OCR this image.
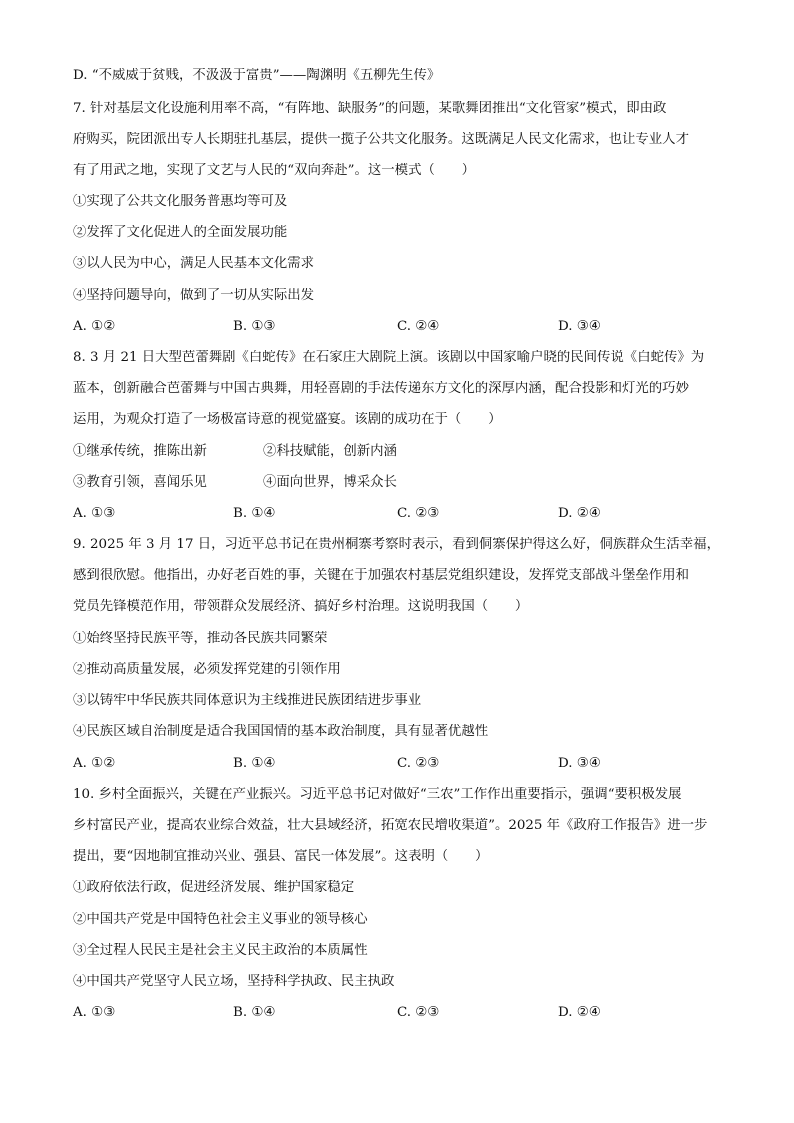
D. “不威威于贫贱，不汲汲于富贵”——陶渊明《五柳先生传》
7. 针对基层文化设施利用率不高，“有阵地、缺服务”的问题，某歌舞团推出“文化管家”模式，即由政
府购买，院团派出专人长期驻扎基层，提供一揽子公共文化服务。这既满足人民文化需求，也让专业人才
有了用武之地，实现了文艺与人民的“双向奔赴”。这一模式（　　）
①实现了公共文化服务普惠均等可及
②发挥了文化促进人的全面发展功能
③以人民为中心，满足人民基本文化需求
④坚持问题导向，做到了一切从实际出发
A. ①②	B. ①③	C. ②④	D. ③④
8. 3 月 21 日大型芭蕾舞剧《白蛇传》在石家庄大剧院上演。该剧以中国家喻户晓的民间传说《白蛇传》为
蓝本，创新融合芭蕾舞与中国古典舞，用轻喜剧的手法传递东方文化的深厚内涵，配合投影和灯光的巧妙
运用，为观众打造了一场极富诗意的视觉盛宴。该剧的成功在于（　　）
①继承传统，推陈出新	②科技赋能，创新内涵
③教育引领，喜闻乐见	④面向世界，博采众长
A. ①③	B. ①④	C. ②③	D. ②④
9. 2025 年 3 月 17 日，习近平总书记在贵州桐寨考察时表示，看到侗寨保护得这么好，侗族群众生活幸福，
感到很欣慰。他指出，办好老百姓的事，关键在于加强农村基层党组织建设，发挥党支部战斗堡垒作用和
党员先锋模范作用，带领群众发展经济、搞好乡村治理。这说明我国（　　）
①始终坚持民族平等，推动各民族共同繁荣
②推动高质量发展，必须发挥党建的引领作用
③以铸牢中华民族共同体意识为主线推进民族团结进步事业
④民族区域自治制度是适合我国国情的基本政治制度，具有显著优越性
A. ①②	B. ①④	C. ②③	D. ③④
10. 乡村全面振兴，关键在产业振兴。习近平总书记对做好“三农”工作作出重要指示，强调“要积极发展
乡村富民产业，提高农业综合效益，壮大县域经济，拓宽农民增收渠道”。2025 年《政府工作报告》进一步
提出，要“因地制宜推动兴业、强县、富民一体发展”。这表明（　　）
①政府依法行政，促进经济发展、维护国家稳定
②中国共产党是中国特色社会主义事业的领导核心
③全过程人民民主是社会主义民主政治的本质属性
④中国共产党坚守人民立场，坚持科学执政、民主执政
A. ①③	B. ①④	C. ②③	D. ②④
